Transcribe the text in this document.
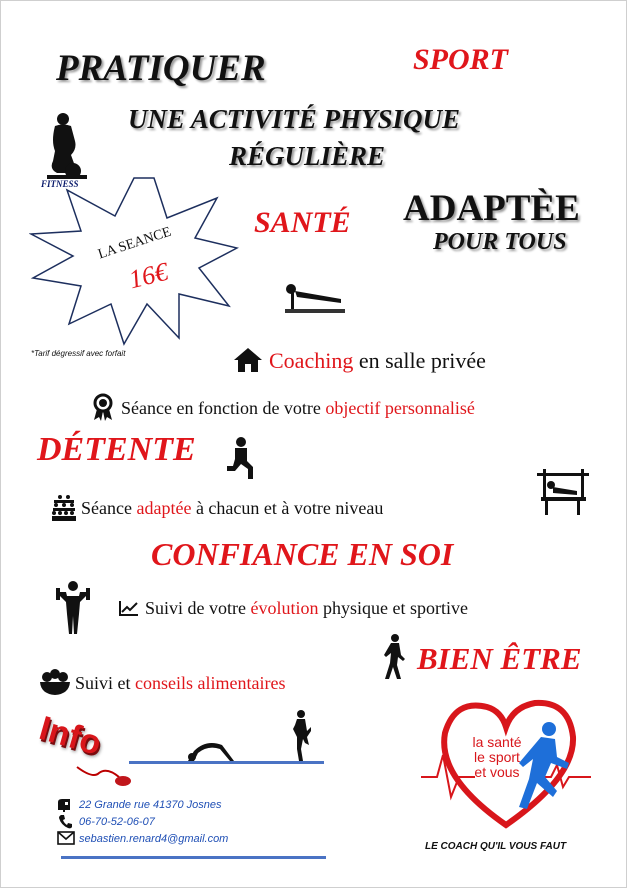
PRATIQUER	SPORT
UNE ACTIVITÉ PHYSIQUE
RÉGULIÈRE
FITNESS
LA SEANCE
16€
*Tarif dégressif avec forfait
SANTÉ ADAPTÈE
POUR TOUS
Coaching en salle privée
Séance en fonction de votre objectif personnalisé
DÉTENTE
Séance adaptée à chacun et à votre niveau
CONFIANCE EN SOI
Suivi de votre évolution physique et sportive
BIEN ÊTRE
Suivi et conseils alimentaires
Info
22 Grande rue 41370 Josnes
06-70-52-06-07
sebastien.renard4@gmail.com
la santé
le sport
et vous
LE COACH QU'IL VOUS FAUT
